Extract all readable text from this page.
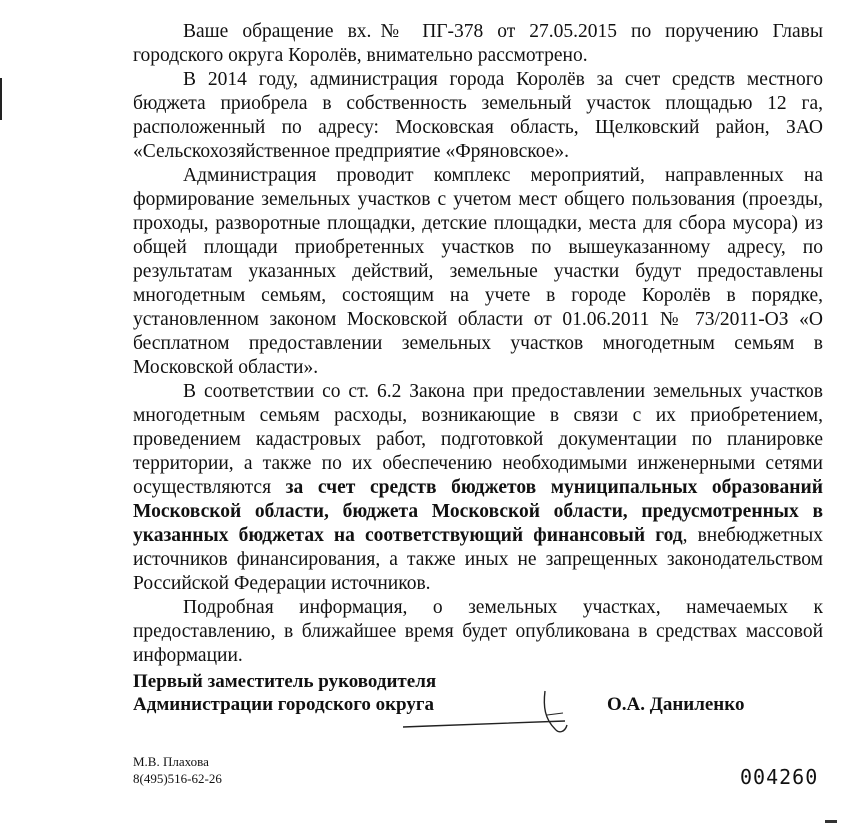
Ваше обращение вх.№ ПГ-378 от 27.05.2015 по поручению Главы городского округа Королёв, внимательно рассмотрено.

В 2014 году, администрация города Королёв за счет средств местного бюджета приобрела в собственность земельный участок площадью 12 га, расположенный по адресу: Московская область, Щелковский район, ЗАО «Сельскохозяйственное предприятие «Фряновское».

Администрация проводит комплекс мероприятий, направленных на формирование земельных участков с учетом мест общего пользования (проезды, проходы, разворотные площадки, детские площадки, места для сбора мусора) из общей площади приобретенных участков по вышеуказанному адресу, по результатам указанных действий, земельные участки будут предоставлены многодетным семьям, состоящим на учете в городе Королёв в порядке, установленном законом Московской области от 01.06.2011 № 73/2011-ОЗ «О бесплатном предоставлении земельных участков многодетным семьям в Московской области».

В соответствии со ст. 6.2 Закона при предоставлении земельных участков многодетным семьям расходы, возникающие в связи с их приобретением, проведением кадастровых работ, подготовкой документации по планировке территории, а также по их обеспечению необходимыми инженерными сетями осуществляются за счет средств бюджетов муниципальных образований Московской области, бюджета Московской области, предусмотренных в указанных бюджетах на соответствующий финансовый год, внебюджетных источников финансирования, а также иных не запрещенных законодательством Российской Федерации источников.

Подробная информация, о земельных участках, намечаемых к предоставлению, в ближайшее время будет опубликована в средствах массовой информации.

Первый заместитель руководителя
Администрации городского округа	О.А. Даниленко
М.В. Плахова
8(495)516-62-26	004260
